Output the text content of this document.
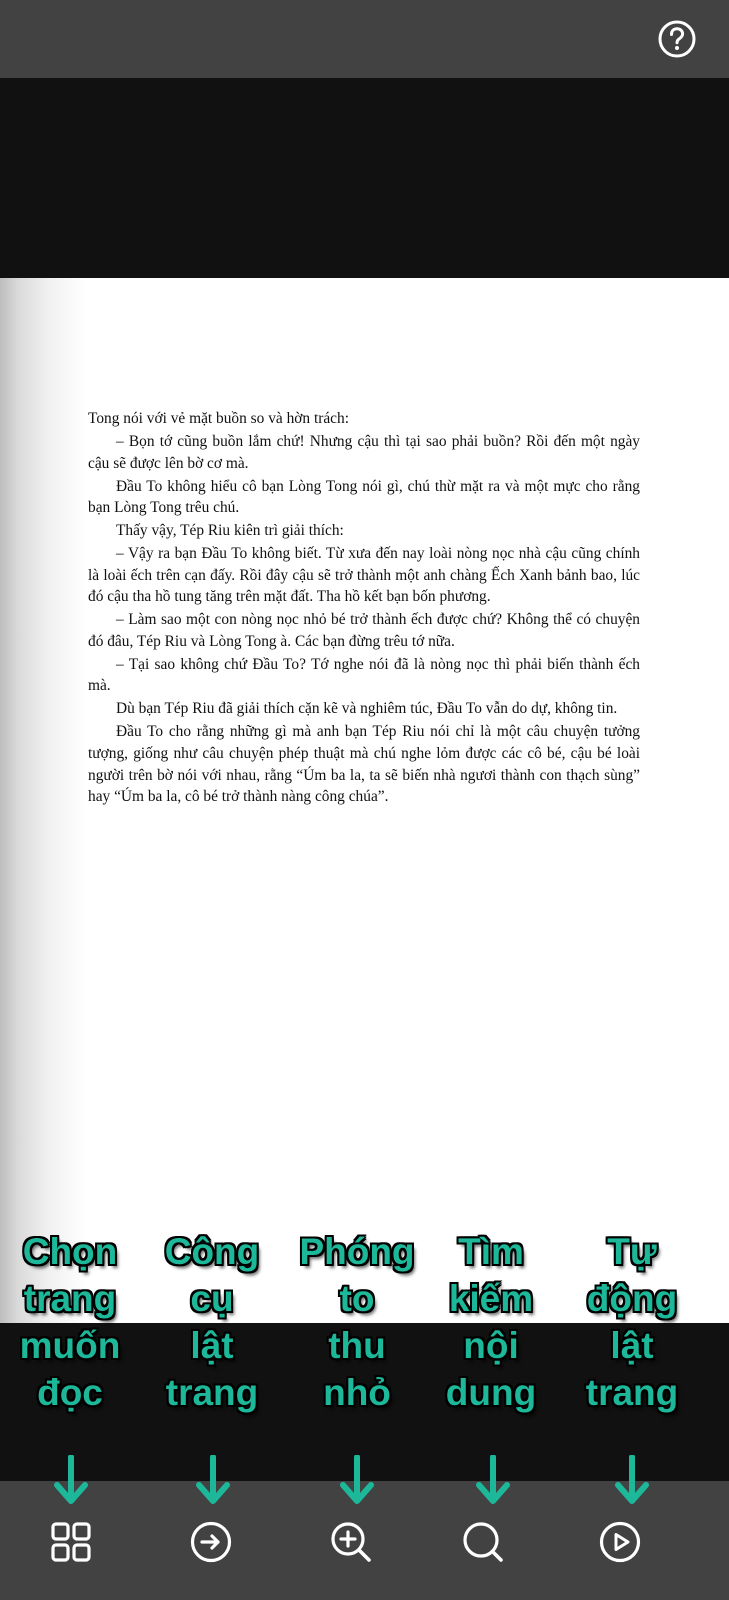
Tong nói với vẻ mặt buồn so và hờn trách:

– Bọn tớ cũng buồn lắm chứ! Nhưng cậu thì tại sao phải buồn? Rồi đến một ngày cậu sẽ được lên bờ cơ mà.

Đầu To không hiểu cô bạn Lòng Tong nói gì, chú thừ mặt ra và một mực cho rằng bạn Lòng Tong trêu chú.

Thấy vậy, Tép Riu kiên trì giải thích:

– Vậy ra bạn Đầu To không biết. Từ xưa đến nay loài nòng nọc nhà cậu cũng chính là loài ếch trên cạn đấy. Rồi đây cậu sẽ trở thành một anh chàng Ếch Xanh bảnh bao, lúc đó cậu tha hồ tung tăng trên mặt đất. Tha hồ kết bạn bốn phương.

– Làm sao một con nòng nọc nhỏ bé trở thành ếch được chứ? Không thể có chuyện đó đâu, Tép Riu và Lòng Tong à. Các bạn đừng trêu tớ nữa.

– Tại sao không chứ Đầu To? Tớ nghe nói đã là nòng nọc thì phải biến thành ếch mà.

Dù bạn Tép Riu đã giải thích cặn kẽ và nghiêm túc, Đầu To vẫn do dự, không tin.

Đầu To cho rằng những gì mà anh bạn Tép Riu nói chỉ là một câu chuyện tưởng tượng, giống như câu chuyện phép thuật mà chú nghe lỏm được các cô bé, cậu bé loài người trên bờ nói với nhau, rằng “Úm ba la, ta sẽ biến nhà ngươi thành con thạch sùng” hay “Úm ba la, cô bé trở thành nàng công chúa”.

Chọn
trang
muốn
đọc
Công
cụ
lật
trang
Phóng
to
thu
nhỏ
Tìm
kiếm
nội
dung
Tự
động
lật
trang
